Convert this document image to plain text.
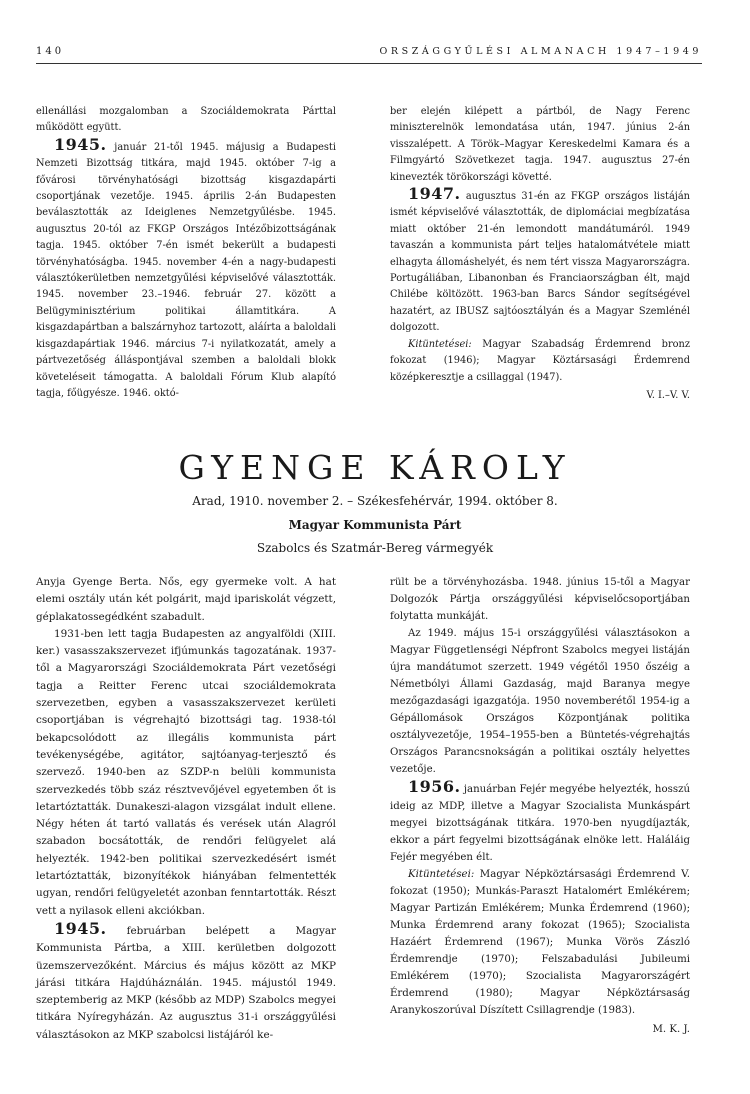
140	ORSZÁGGYŰLÉSI ALMANACH 1947–1949

ellenállási mozgalomban a Szociáldemokrata Párttal működött együtt.

1945. január 21-től 1945. májusig a Budapesti Nemzeti Bizottság titkára, majd 1945. október 7-ig a fővárosi törvényhatósági bizottság kisgazdapárti csoportjának vezetője. 1945. április 2-án Budapesten beválasztották az Ideiglenes Nemzetgyűlésbe. 1945. augusztus 20-tól az FKGP Országos Intézőbizottságának tagja. 1945. október 7-én ismét bekerült a budapesti törvényhatóságba. 1945. november 4-én a nagy-budapesti választókerületben nemzetgyűlési képviselővé választották. 1945. november 23.–1946. február 27. között a Belügyminisztérium politikai államtitkára. A kisgazdapártban a balszárnyhoz tartozott, aláírta a baloldali kisgazdapártiak 1946. március 7-i nyilatkozatát, amely a pártvezetőség álláspontjával szemben a baloldali blokk követeléseit támogatta. A baloldali Fórum Klub alapító tagja, főügyésze. 1946. októ-

ber elején kilépett a pártból, de Nagy Ferenc miniszterelnök lemondatása után, 1947. június 2-án visszalépett. A Török–Magyar Kereskedelmi Kamara és a Filmgyártó Szövetkezet tagja. 1947. augusztus 27-én kinevezték törökországi követté.

1947. augusztus 31-én az FKGP országos listáján ismét képviselővé választották, de diplomáciai megbízatása miatt október 21-én lemondott mandátumáról. 1949 tavaszán a kommunista párt teljes hatalomátvétele miatt elhagyta állomáshelyét, és nem tért vissza Magyarországra. Portugáliában, Libanonban és Franciaországban élt, majd Chilébe költözött. 1963-ban Barcs Sándor segítségével hazatért, az IBUSZ sajtóosztályán és a Magyar Szemlénél dolgozott.

Kitüntetései: Magyar Szabadság Érdemrend bronz fokozat (1946); Magyar Köztársasági Érdemrend középkeresztje a csillaggal (1947).

V. I.–V. V.

GYENGE KÁROLY
Arad, 1910. november 2. – Székesfehérvár, 1994. október 8.
Magyar Kommunista Párt
Szabolcs és Szatmár-Bereg vármegyék

Anyja Gyenge Berta. Nős, egy gyermeke volt. A hat elemi osztály után két polgárit, majd ipariskolát végzett, géplakatossegédként szabadult.

1931-ben lett tagja Budapesten az angyalföldi (XIII. ker.) vasasszakszervezet ifjúmunkás tagozatának. 1937-től a Magyarországi Szociáldemokrata Párt vezetőségi tagja a Reitter Ferenc utcai szociáldemokrata szervezetben, egyben a vasasszakszervezet kerületi csoportjában is végrehajtó bizottsági tag. 1938-tól bekapcsolódott az illegális kommunista párt tevékenységébe, agitátor, sajtóanyag-terjesztő és szervező. 1940-ben az SZDP-n belüli kommunista szervezkedés több száz résztvevőjével egyetemben őt is letartóztatták. Dunakeszi-alagon vizsgálat indult ellene. Négy héten át tartó vallatás és verések után Alagról szabadon bocsátották, de rendőri felügyelet alá helyezték. 1942-ben politikai szervezkedésért ismét letartóztatták, bizonyítékok hiányában felmentették ugyan, rendőri felügyeletét azonban fenntartották. Részt vett a nyilasok elleni akciókban.

1945. februárban belépett a Magyar Kommunista Pártba, a XIII. kerületben dolgozott üzemszervezőként. Március és május között az MKP járási titkára Hajdúháználán. 1945. májustól 1949. szeptemberig az MKP (később az MDP) Szabolcs megyei titkára Nyíregyházán. Az augusztus 31-i országgyűlési választásokon az MKP szabolcsi listájáról ke-

rült be a törvényhozásba. 1948. június 15-től a Magyar Dolgozók Pártja országgyűlési képviselőcsoportjában folytatta munkáját.

Az 1949. május 15-i országgyűlési választásokon a Magyar Függetlenségi Népfront Szabolcs megyei listáján újra mandátumot szerzett. 1949 végétől 1950 őszéig a Németbólyi Állami Gazdaság, majd Baranya megye mezőgazdasági igazgatója. 1950 novemberétől 1954-ig a Gépállomások Országos Központjának politika osztályvezetője, 1954–1955-ben a Büntetés-végrehajtás Országos Parancsnokságán a politikai osztály helyettes vezetője.

1956. januárban Fejér megyébe helyezték, hosszú ideig az MDP, illetve a Magyar Szocialista Munkáspárt megyei bizottságának titkára. 1970-ben nyugdíjazták, ekkor a párt fegyelmi bizottságának elnöke lett. Haláláig Fejér megyében élt.

Kitüntetései: Magyar Népköztársasági Érdemrend V. fokozat (1950); Munkás-Paraszt Hatalomért Emlékérem; Magyar Partizán Emlékérem; Munka Érdemrend (1960); Munka Érdemrend arany fokozat (1965); Szocialista Hazáért Érdemrend (1967); Munka Vörös Zászló Érdemrendje (1970); Felszabadulási Jubileumi Emlékérem (1970); Szocialista Magyarországért Érdemrend (1980); Magyar Népköztársaság Aranykoszorúval Díszített Csillagrendje (1983).

M. K. J.
